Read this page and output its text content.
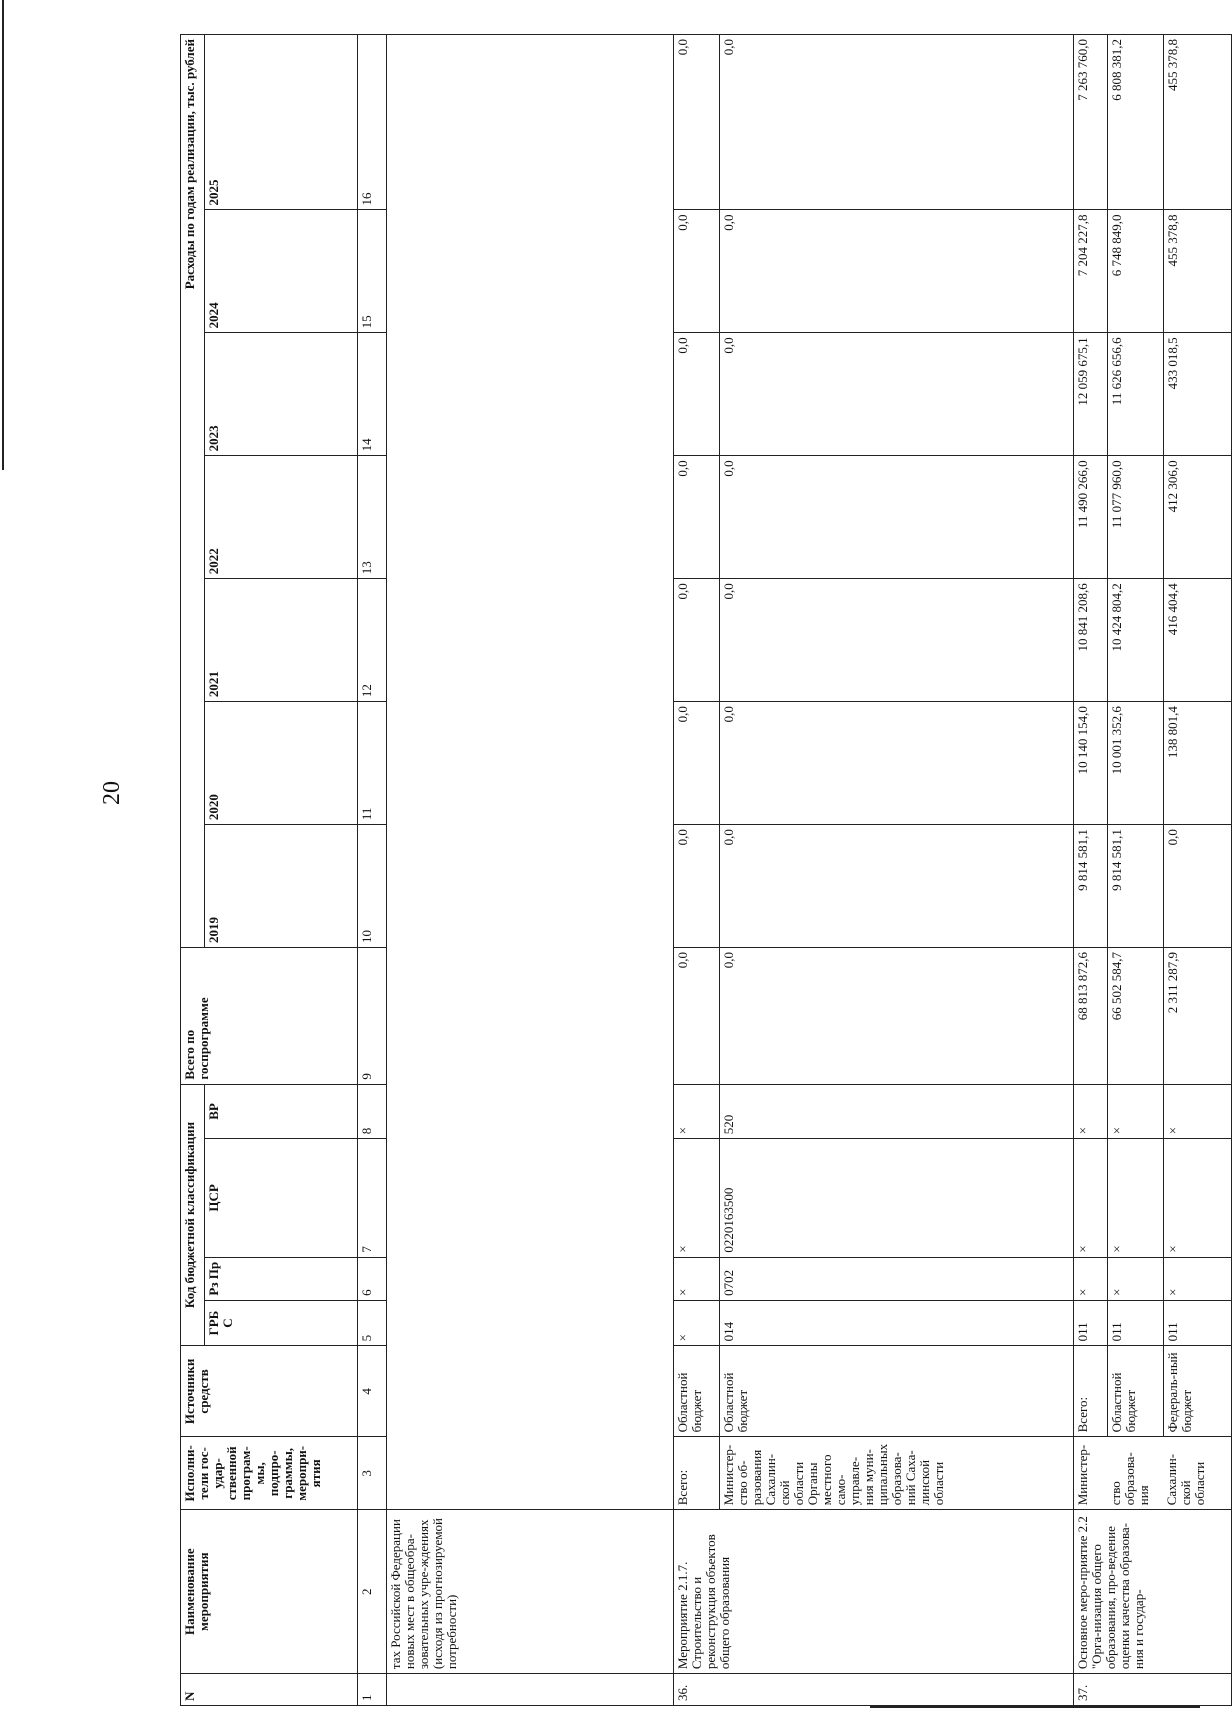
20
N	Наименование мероприятия	Исполни-тели гос-удар-ственной програм-мы, подпро-граммы, меропри-ятия	Источники средств	Код бюджетной классификации				Всего по госпрограмме	Расходы по годам реализации, тыс. рублей						
				ГРБ С	Рз Пр	ЦСР	ВР		2019	2020	2021	2022	2023	2024	2025
1	2	3	4	5	6	7	8	9	10	11	12	13	14	15	16
	тах Российской Федерации новых мест в общеобра-зовательных учре-ждениях (исходя из прогнозируемой потребности)														
36.	Мероприятие 2.1.7. Строительство и реконструкция объектов общего образования	Всего:	Областной бюджет	×	×	×	×	0,0	0,0	0,0	0,0	0,0	0,0	0,0	0,0
		Министер-ство об-разования Сахалин-ской области Органы местного само-управле-ния муни-ципальных образова-ний Саха-линской области	Областной бюджет	014	0702	0220163500	520	0,0	0,0	0,0	0,0	0,0	0,0	0,0	0,0
37.	Основное меро-приятие 2.2 "Орга-низация общего образования, про-ведение оценки качества образова-ния и государ-	Министер-	Всего:	011	×	×	×	68 813 872,6	9 814 581,1	10 140 154,0	10 841 208,6	11 490 266,0	12 059 675,1	7 204 227,8	7 263 760,0
		ство образова-ния	Областной бюджет	011	×	×	×	66 502 584,7	9 814 581,1	10 001 352,6	10 424 804,2	11 077 960,0	11 626 656,6	6 748 849,0	6 808 381,2
		Сахалин-ской области	Федераль-ный бюджет	011	×	×	×	2 311 287,9	0,0	138 801,4	416 404,4	412 306,0	433 018,5	455 378,8	455 378,8
